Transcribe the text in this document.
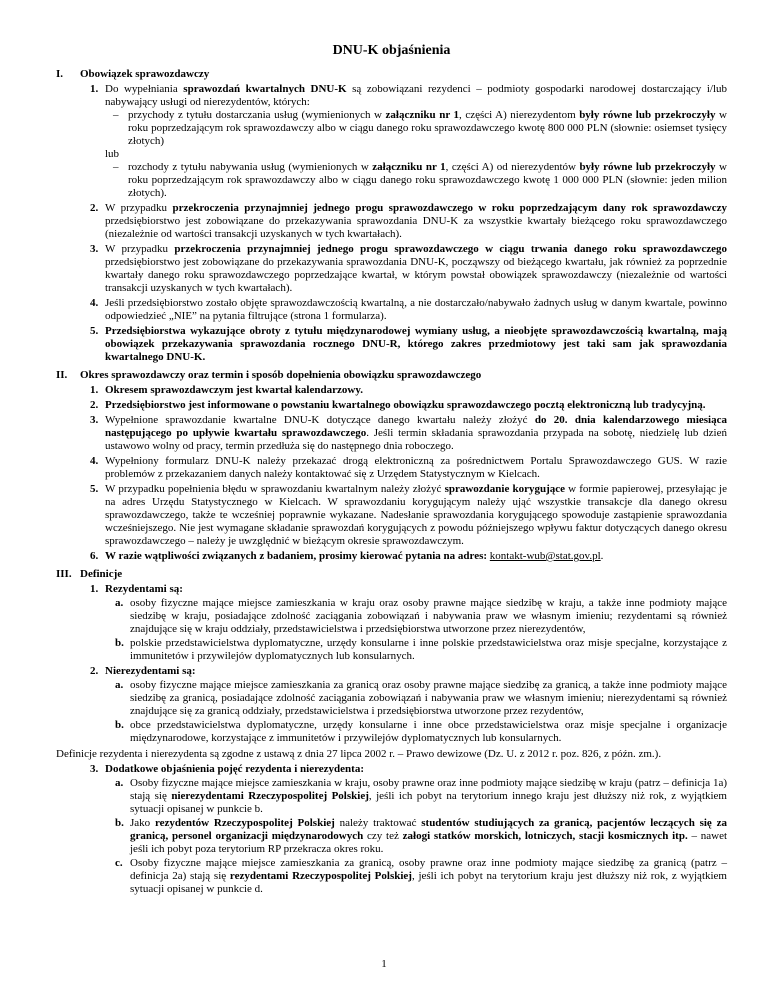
DNU-K objaśnienia
I. Obowiązek sprawozdawczy
1. Do wypełniania sprawozdań kwartalnych DNU-K są zobowiązani rezydenci – podmioty gospodarki narodowej dostarczający i/lub nabywający usługi od nierezydentów, których:
– przychody z tytułu dostarczania usług (wymienionych w załączniku nr 1, części A) nierezydentom były równe lub przekroczyły w roku poprzedzającym rok sprawozdawczy albo w ciągu danego roku sprawozdawczego kwotę 800 000 PLN (słownie: osiemset tysięcy złotych)
lub
– rozchody z tytułu nabywania usług (wymienionych w załączniku nr 1, części A) od nierezydentów były równe lub przekroczyły w roku poprzedzającym rok sprawozdawczy albo w ciągu danego roku sprawozdawczego kwotę 1 000 000 PLN (słownie: jeden milion złotych).
2. W przypadku przekroczenia przynajmniej jednego progu sprawozdawczego w roku poprzedzającym dany rok sprawozdawczy przedsiębiorstwo jest zobowiązane do przekazywania sprawozdania DNU-K za wszystkie kwartały bieżącego roku sprawozdawczego (niezależnie od wartości transakcji uzyskanych w tych kwartałach).
3. W przypadku przekroczenia przynajmniej jednego progu sprawozdawczego w ciągu trwania danego roku sprawozdawczego przedsiębiorstwo jest zobowiązane do przekazywania sprawozdania DNU-K, począwszy od bieżącego kwartału, jak również za poprzednie kwartały danego roku sprawozdawczego poprzedzające kwartał, w którym powstał obowiązek sprawozdawczy (niezależnie od wartości transakcji uzyskanych w tych kwartałach).
4. Jeśli przedsiębiorstwo zostało objęte sprawozdawczością kwartalną, a nie dostarczało/nabywało żadnych usług w danym kwartale, powinno odpowiedzieć „NIE” na pytania filtrujące (strona 1 formularza).
5. Przedsiębiorstwa wykazujące obroty z tytułu międzynarodowej wymiany usług, a nieobjęte sprawozdawczością kwartalną, mają obowiązek przekazywania sprawozdania rocznego DNU-R, którego zakres przedmiotowy jest taki sam jak sprawozdania kwartalnego DNU-K.
II. Okres sprawozdawczy oraz termin i sposób dopełnienia obowiązku sprawozdawczego
1. Okresem sprawozdawczym jest kwartał kalendarzowy.
2. Przedsiębiorstwo jest informowane o powstaniu kwartalnego obowiązku sprawozdawczego pocztą elektroniczną lub tradycyjną.
3. Wypełnione sprawozdanie kwartalne DNU-K dotyczące danego kwartału należy złożyć do 20. dnia kalendarzowego miesiąca następującego po upływie kwartału sprawozdawczego. Jeśli termin składania sprawozdania przypada na sobotę, niedzielę lub dzień ustawowo wolny od pracy, termin przedłuża się do następnego dnia roboczego.
4. Wypełniony formularz DNU-K należy przekazać drogą elektroniczną za pośrednictwem Portalu Sprawozdawczego GUS. W razie problemów z przekazaniem danych należy kontaktować się z Urzędem Statystycznym w Kielcach.
5. W przypadku popełnienia błędu w sprawozdaniu kwartalnym należy złożyć sprawozdanie korygujące w formie papierowej, przesyłając je na adres Urzędu Statystycznego w Kielcach. W sprawozdaniu korygującym należy ująć wszystkie transakcje dla danego okresu sprawozdawczego, także te wcześniej poprawnie wykazane. Nadesłanie sprawozdania korygującego spowoduje zastąpienie sprawozdania wcześniejszego. Nie jest wymagane składanie sprawozdań korygujących z powodu późniejszego wpływu faktur dotyczących danego okresu sprawozdawczego – należy je uwzględnić w bieżącym okresie sprawozdawczym.
6. W razie wątpliwości związanych z badaniem, prosimy kierować pytania na adres: kontakt-wub@stat.gov.pl.
III. Definicje
1. Rezydentami są:
a. osoby fizyczne mające miejsce zamieszkania w kraju oraz osoby prawne mające siedzibę w kraju, a także inne podmioty mające siedzibę w kraju, posiadające zdolność zaciągania zobowiązań i nabywania praw we własnym imieniu; rezydentami są również znajdujące się w kraju oddziały, przedstawicielstwa i przedsiębiorstwa utworzone przez nierezydentów,
b. polskie przedstawicielstwa dyplomatyczne, urzędy konsularne i inne polskie przedstawicielstwa oraz misje specjalne, korzystające z immunitetów i przywilejów dyplomatycznych lub konsularnych.
2. Nierezydentami są:
a. osoby fizyczne mające miejsce zamieszkania za granicą oraz osoby prawne mające siedzibę za granicą, a także inne podmioty mające siedzibę za granicą, posiadające zdolność zaciągania zobowiązań i nabywania praw we własnym imieniu; nierezydentami są również znajdujące się za granicą oddziały, przedstawicielstwa i przedsiębiorstwa utworzone przez rezydentów,
b. obce przedstawicielstwa dyplomatyczne, urzędy konsularne i inne obce przedstawicielstwa oraz misje specjalne i organizacje międzynarodowe, korzystające z immunitetów i przywilejów dyplomatycznych lub konsularnych.
Definicje rezydenta i nierezydenta są zgodne z ustawą z dnia 27 lipca 2002 r. – Prawo dewizowe (Dz. U. z 2012 r. poz. 826, z późn. zm.).
3. Dodatkowe objaśnienia pojęć rezydenta i nierezydenta:
a. Osoby fizyczne mające miejsce zamieszkania w kraju, osoby prawne oraz inne podmioty mające siedzibę w kraju (patrz – definicja 1a) stają się nierezydentami Rzeczypospolitej Polskiej, jeśli ich pobyt na terytorium innego kraju jest dłuższy niż rok, z wyjątkiem sytuacji opisanej w punkcie b.
b. Jako rezydentów Rzeczypospolitej Polskiej należy traktować studentów studiujących za granicą, pacjentów leczących się za granicą, personel organizacji międzynarodowych czy też załogi statków morskich, lotniczych, stacji kosmicznych itp. – nawet jeśli ich pobyt poza terytorium RP przekracza okres roku.
c. Osoby fizyczne mające miejsce zamieszkania za granicą, osoby prawne oraz inne podmioty mające siedzibę za granicą (patrz – definicja 2a) stają się rezydentami Rzeczypospolitej Polskiej, jeśli ich pobyt na terytorium kraju jest dłuższy niż rok, z wyjątkiem sytuacji opisanej w punkcie d.
1
